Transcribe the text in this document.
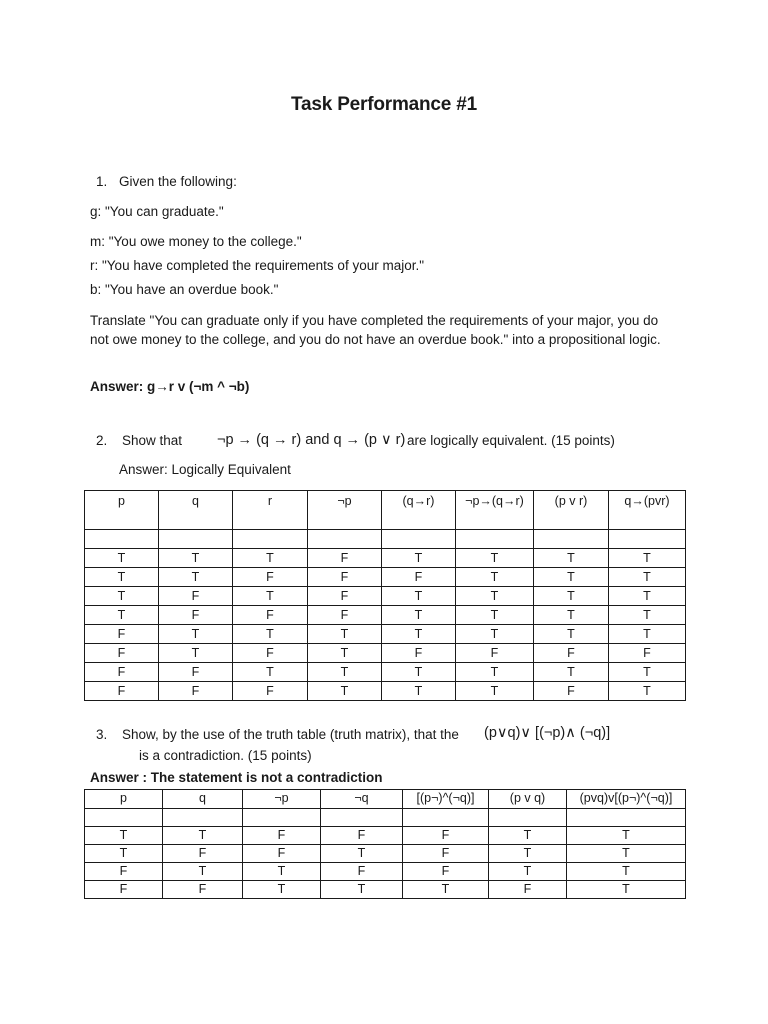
Task Performance #1
1. Given the following:
g: "You can graduate."
m: "You owe money to the college."
r: "You have completed the requirements of your major."
b: "You have an overdue book."
Translate "You can graduate only if you have completed the requirements of your major, you do not owe money to the college, and you do not have an overdue book." into a propositional logic.
Answer: g→r v (¬m ^ ¬b)
2. Show that ¬p → (q → r) and q → (p ∨ r) are logically equivalent. (15 points)
Answer: Logically Equivalent
p	q	r	¬p	(q→r)	¬p→(q→r)	(p v r)	q→(pvr)

T	T	T	F	T	T	T	T
T	T	F	F	F	T	T	T
T	F	T	F	T	T	T	T
T	F	F	F	T	T	T	T
F	T	T	T	T	T	T	T
F	T	F	T	F	F	F	F
F	F	T	T	T	T	T	T
F	F	F	T	T	T	F	T
3. Show, by the use of the truth table (truth matrix), that the (p∨q)∨ [(¬p)∧ (¬q)]
is a contradiction. (15 points)
Answer : The statement is not a contradiction
p	q	¬p	¬q	[(p¬)^(¬q)]	(p v q)	(pvq)v[(p¬)^(¬q)]

T	T	F	F	F	T	T
T	F	F	T	F	T	T
F	T	T	F	F	T	T
F	F	T	T	T	F	T
